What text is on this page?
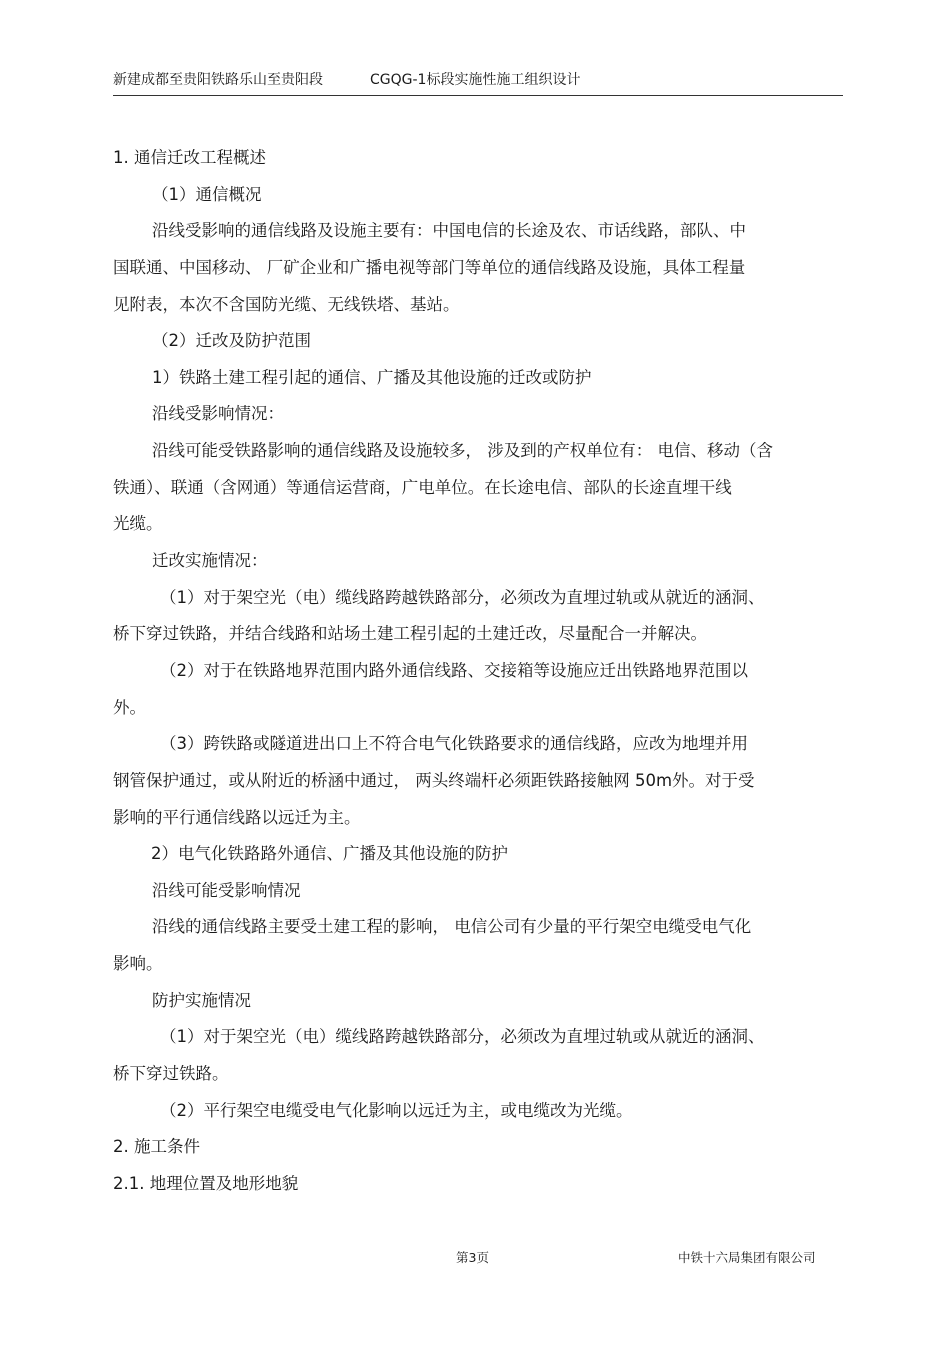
新建成都至贵阳铁路乐山至贵阳段	CGQG-1标段实施性施工组织设计
1. 通信迁改工程概述
（1）通信概况
沿线受影响的通信线路及设施主要有：中国电信的长途及农、市话线路，部队、中
国联通、中国移动、 厂矿企业和广播电视等部门等单位的通信线路及设施，具体工程量
见附表，本次不含国防光缆、无线铁塔、基站。
（2）迁改及防护范围
1）铁路土建工程引起的通信、广播及其他设施的迁改或防护
沿线受影响情况：
沿线可能受铁路影响的通信线路及设施较多， 涉及到的产权单位有： 电信、移动（含
铁通）、联通（含网通）等通信运营商，广电单位。在长途电信、部队的长途直埋干线
光缆。
迁改实施情况：
（1）对于架空光（电）缆线路跨越铁路部分，必须改为直埋过轨或从就近的涵洞、
桥下穿过铁路，并结合线路和站场土建工程引起的土建迁改，尽量配合一并解决。
（2）对于在铁路地界范围内路外通信线路、交接箱等设施应迁出铁路地界范围以
外。
（3）跨铁路或隧道进出口上不符合电气化铁路要求的通信线路，应改为地埋并用
钢管保护通过，或从附近的桥涵中通过， 两头终端杆必须距铁路接触网 50m外。对于受
影响的平行通信线路以远迁为主。
2）电气化铁路路外通信、广播及其他设施的防护
沿线可能受影响情况
沿线的通信线路主要受土建工程的影响， 电信公司有少量的平行架空电缆受电气化
影响。
防护实施情况
（1）对于架空光（电）缆线路跨越铁路部分，必须改为直埋过轨或从就近的涵洞、
桥下穿过铁路。
（2）平行架空电缆受电气化影响以远迁为主，或电缆改为光缆。
2. 施工条件
2.1. 地理位置及地形地貌
第3页	中铁十六局集团有限公司
